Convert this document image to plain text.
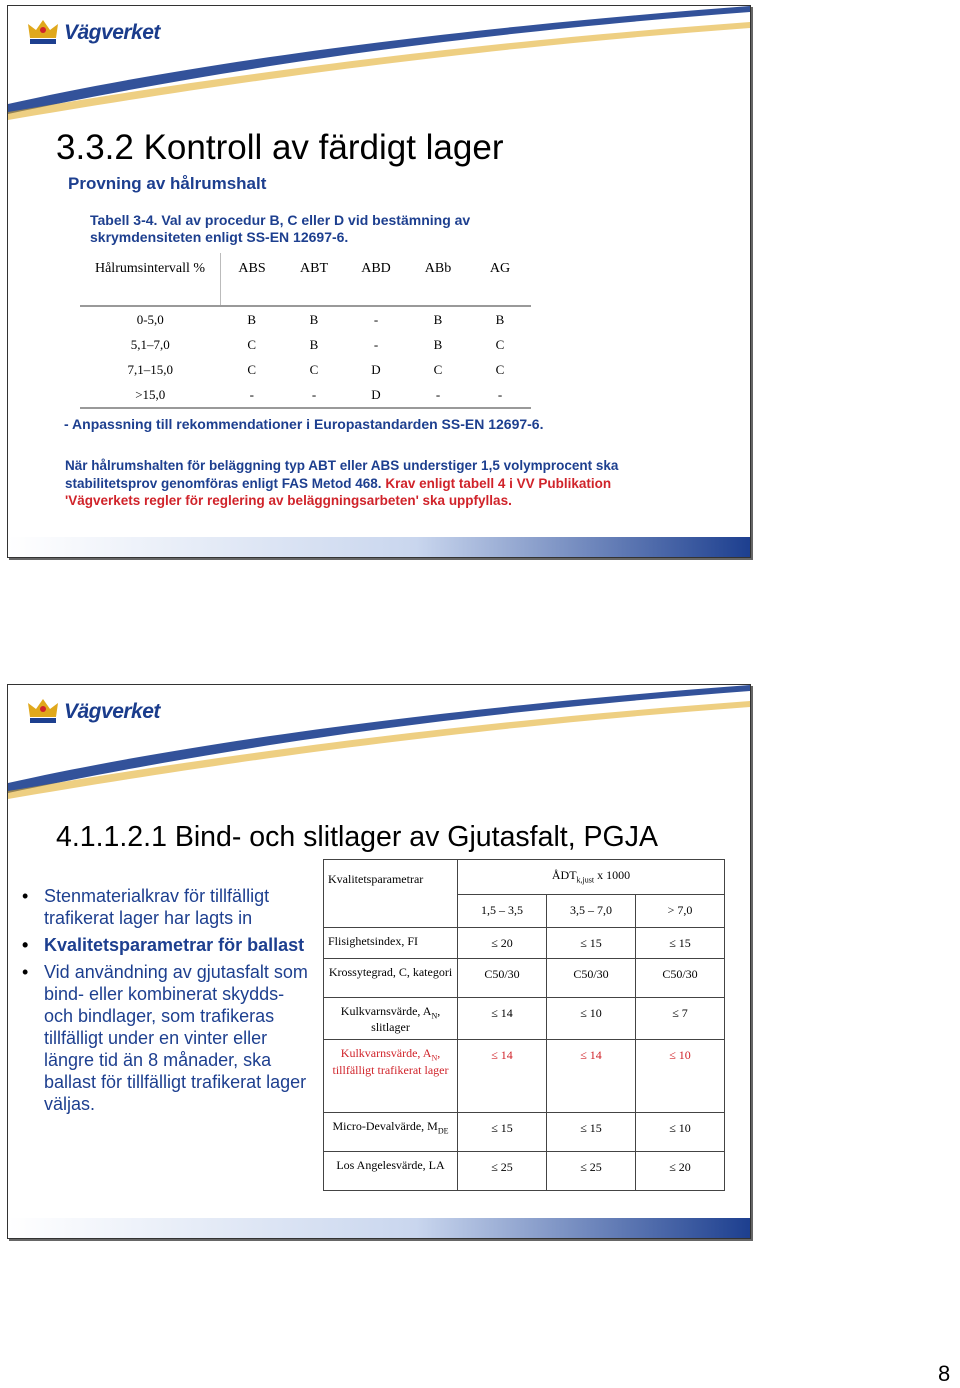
Vägverket
3.3.2 Kontroll av färdigt lager
Provning av hålrumshalt
Tabell 3-4. Val av procedur B, C eller D vid bestämning av skrymdensiteten enligt SS-EN 12697-6.
Hålrumsintervall %	ABS	ABT	ABD	ABb	AG
0-5,0	B	B	-	B	B
5,1–7,0	C	B	-	B	C
7,1–15,0	C	C	D	C	C
>15,0	-	-	D	-	-
- Anpassning till rekommendationer i Europastandarden SS-EN 12697-6.
När hålrumshalten för beläggning typ ABT eller ABS understiger 1,5 volymprocent ska stabilitetsprov genomföras enligt FAS Metod 468. Krav enligt tabell 4 i VV Publikation 'Vägverkets regler för reglering av beläggningsarbeten' ska uppfyllas.
Vägverket
4.1.1.2.1 Bind- och slitlager av Gjutasfalt, PGJA
• Stenmaterialkrav för tillfälligt trafikerat lager har lagts in
• Kvalitetsparametrar för ballast
• Vid användning av gjutasfalt som bind- eller kombinerat skydds- och bindlager, som trafikeras tillfälligt under en vinter eller längre tid än 8 månader, ska ballast för tillfälligt trafikerat lager väljas.
Kvalitetsparametrar	$ÅDT_{k,just}$ x 1000		
	1,5 – 3,5	3,5 – 7,0	> 7,0
Flisighetsindex, FI	≤ 20	≤ 15	≤ 15
Krossytegrad, C, kategori	C50/30	C50/30	C50/30
Kulkvarnsvärde, $A_N$, slitlager	≤ 14	≤ 10	≤ 7
Kulkvarnsvärde, $A_N$, tillfälligt trafikerat lager	≤ 14	≤ 14	≤ 10
Micro-Devalvärde, $M_{DE}$	≤ 15	≤ 15	≤ 10
Los Angelesvärde, LA	≤ 25	≤ 25	≤ 20
8
